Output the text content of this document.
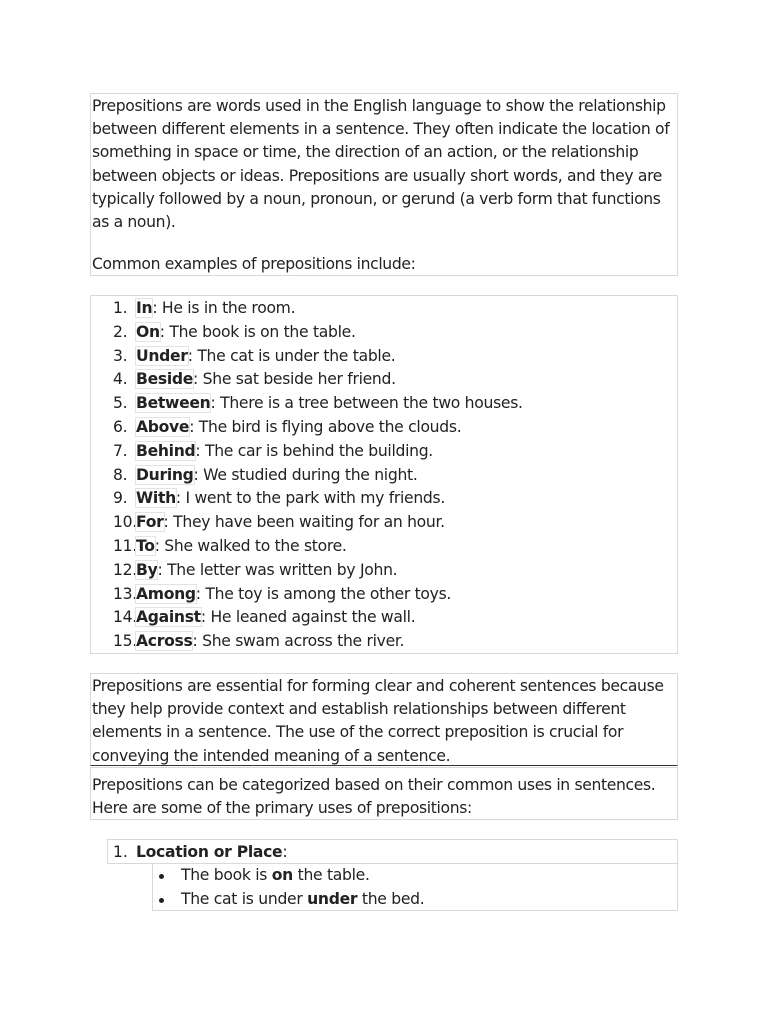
Prepositions are words used in the English language to show the relationship between different elements in a sentence. They often indicate the location of something in space or time, the direction of an action, or the relationship between objects or ideas. Prepositions are usually short words, and they are typically followed by a noun, pronoun, or gerund (a verb form that functions as a noun).

Common examples of prepositions include:

1. In: He is in the room.
2. On: The book is on the table.
3. Under: The cat is under the table.
4. Beside: She sat beside her friend.
5. Between: There is a tree between the two houses.
6. Above: The bird is flying above the clouds.
7. Behind: The car is behind the building.
8. During: We studied during the night.
9. With: I went to the park with my friends.
10. For: They have been waiting for an hour.
11. To: She walked to the store.
12. By: The letter was written by John.
13. Among: The toy is among the other toys.
14. Against: He leaned against the wall.
15. Across: She swam across the river.

Prepositions are essential for forming clear and coherent sentences because they help provide context and establish relationships between different elements in a sentence. The use of the correct preposition is crucial for conveying the intended meaning of a sentence.

Prepositions can be categorized based on their common uses in sentences. Here are some of the primary uses of prepositions:

1. Location or Place:
The book is on the table.
The cat is under under the bed.
